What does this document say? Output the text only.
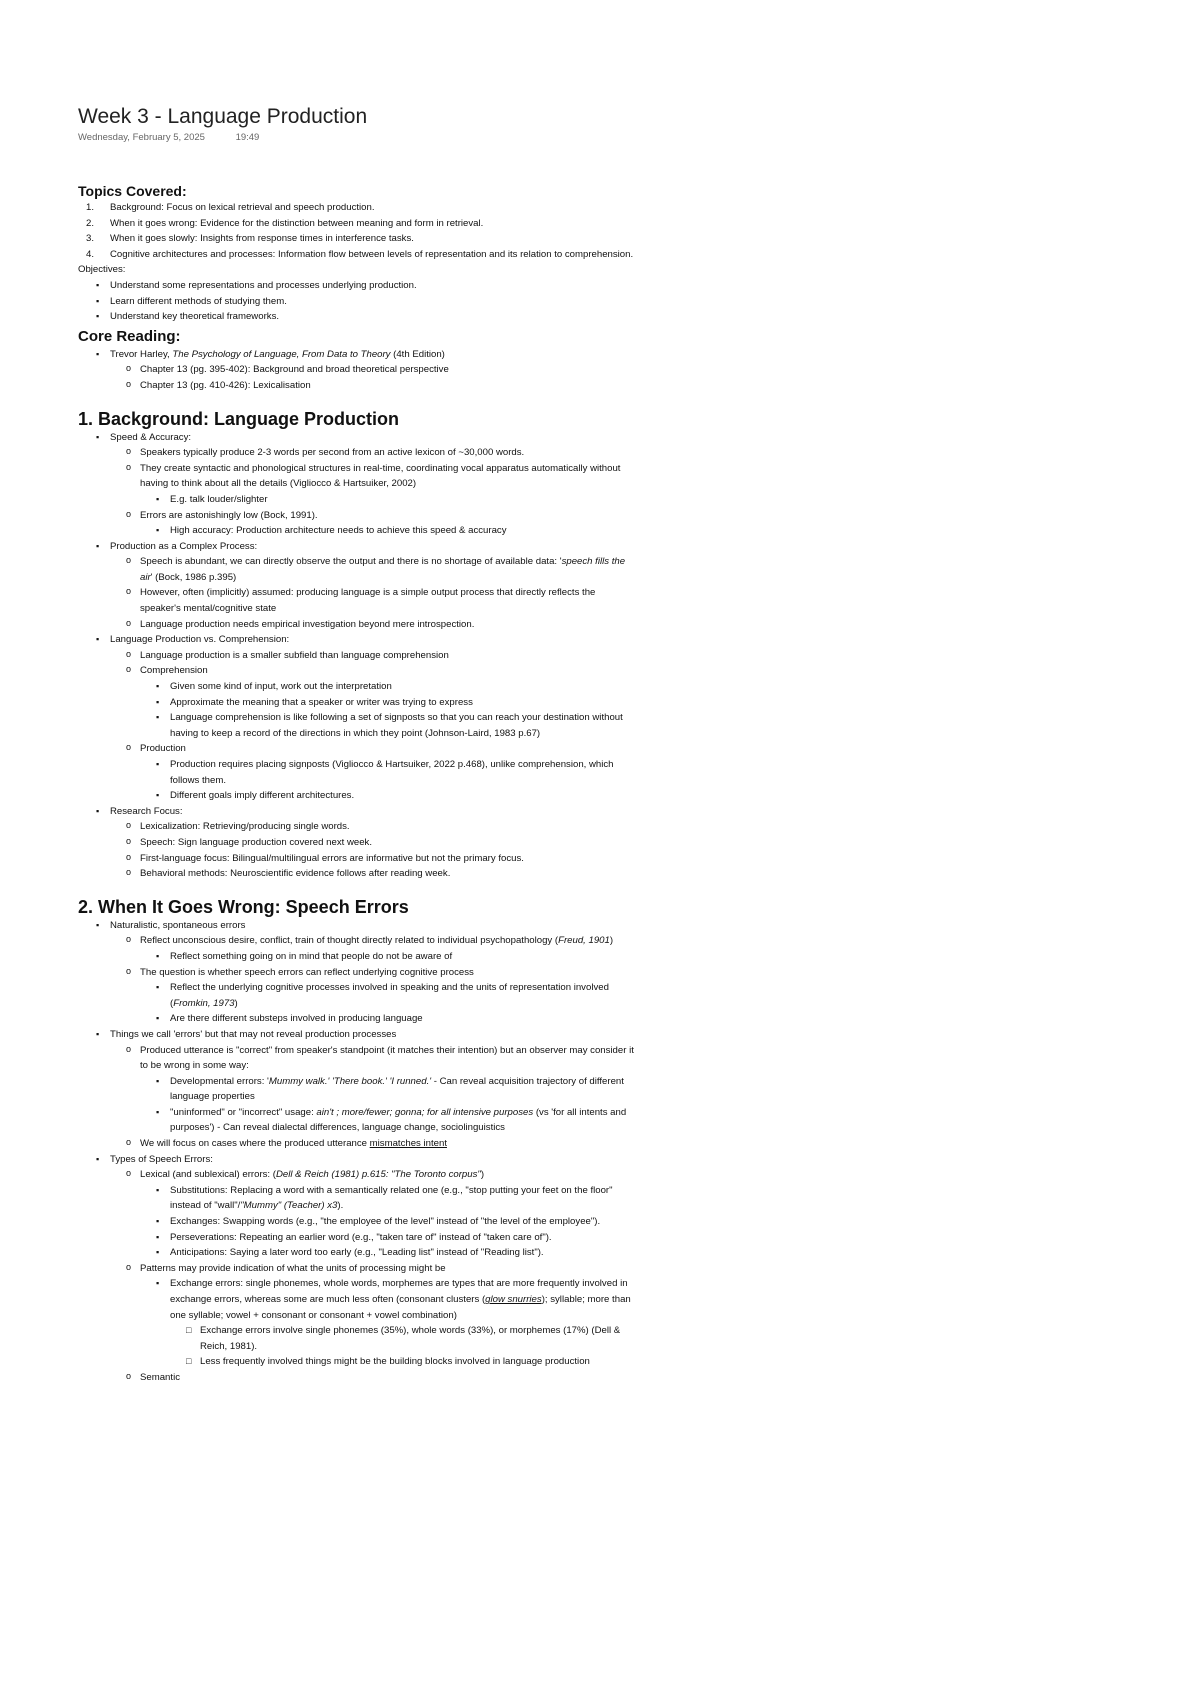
Week 3 - Language Production
Wednesday, February 5, 2025	19:49
Topics Covered:
1. Background: Focus on lexical retrieval and speech production.
2. When it goes wrong: Evidence for the distinction between meaning and form in retrieval.
3. When it goes slowly: Insights from response times in interference tasks.
4. Cognitive architectures and processes: Information flow between levels of representation and its relation to comprehension.
Objectives:
▪ Understand some representations and processes underlying production.
▪ Learn different methods of studying them.
▪ Understand key theoretical frameworks.
Core Reading:
▪ Trevor Harley, The Psychology of Language, From Data to Theory (4th Edition)
o Chapter 13 (pg. 395-402): Background and broad theoretical perspective
o Chapter 13 (pg. 410-426): Lexicalisation
1. Background: Language Production
▪ Speed & Accuracy:
o Speakers typically produce 2-3 words per second from an active lexicon of ~30,000 words.
o They create syntactic and phonological structures in real-time, coordinating vocal apparatus automatically without having to think about all the details (Vigliocco & Hartsuiker, 2002)
▪ E.g. talk louder/slighter
o Errors are astonishingly low (Bock, 1991).
▪ High accuracy: Production architecture needs to achieve this speed & accuracy
▪ Production as a Complex Process:
o Speech is abundant, we can directly observe the output and there is no shortage of available data: 'speech fills the air' (Bock, 1986 p.395)
o However, often (implicitly) assumed: producing language is a simple output process that directly reflects the speaker's mental/cognitive state
o Language production needs empirical investigation beyond mere introspection.
▪ Language Production vs. Comprehension:
o Language production is a smaller subfield than language comprehension
o Comprehension
▪ Given some kind of input, work out the interpretation
▪ Approximate the meaning that a speaker or writer was trying to express
▪ Language comprehension is like following a set of signposts so that you can reach your destination without having to keep a record of the directions in which they point (Johnson-Laird, 1983 p.67)
o Production
▪ Production requires placing signposts (Vigliocco & Hartsuiker, 2022 p.468), unlike comprehension, which follows them.
▪ Different goals imply different architectures.
▪ Research Focus:
o Lexicalization: Retrieving/producing single words.
o Speech: Sign language production covered next week.
o First-language focus: Bilingual/multilingual errors are informative but not the primary focus.
o Behavioral methods: Neuroscientific evidence follows after reading week.
2. When It Goes Wrong: Speech Errors
▪ Naturalistic, spontaneous errors
o Reflect unconscious desire, conflict, train of thought directly related to individual psychopathology (Freud, 1901)
▪ Reflect something going on in mind that people do not be aware of
o The question is whether speech errors can reflect underlying cognitive process
▪ Reflect the underlying cognitive processes involved in speaking and the units of representation involved (Fromkin, 1973)
▪ Are there different substeps involved in producing language
▪ Things we call 'errors' but that may not reveal production processes
o Produced utterance is "correct" from speaker's standpoint (it matches their intention) but an observer may consider it to be wrong in some way:
▪ Developmental errors: 'Mummy walk.' 'There book.' 'I runned.' - Can reveal acquisition trajectory of different language properties
▪ "uninformed" or "incorrect" usage: ain't ; more/fewer; gonna; for all intensive purposes (vs 'for all intents and purposes') - Can reveal dialectal differences, language change, sociolinguistics
o We will focus on cases where the produced utterance mismatches intent
▪ Types of Speech Errors:
o Lexical (and sublexical) errors: (Dell & Reich (1981) p.615: "The Toronto corpus")
▪ Substitutions: Replacing a word with a semantically related one (e.g., "stop putting your feet on the floor" instead of "wall"/"Mummy" (Teacher) x3).
▪ Exchanges: Swapping words (e.g., "the employee of the level" instead of "the level of the employee").
▪ Perseverations: Repeating an earlier word (e.g., "taken tare of" instead of "taken care of").
▪ Anticipations: Saying a later word too early (e.g., "Leading list" instead of "Reading list").
o Patterns may provide indication of what the units of processing might be
▪ Exchange errors: single phonemes, whole words, morphemes are types that are more frequently involved in exchange errors, whereas some are much less often (consonant clusters (glow snurries); syllable; more than one syllable; vowel + consonant or consonant + vowel combination)
□ Exchange errors involve single phonemes (35%), whole words (33%), or morphemes (17%) (Dell & Reich, 1981).
□ Less frequently involved things might be the building blocks involved in language production
o Semantic
